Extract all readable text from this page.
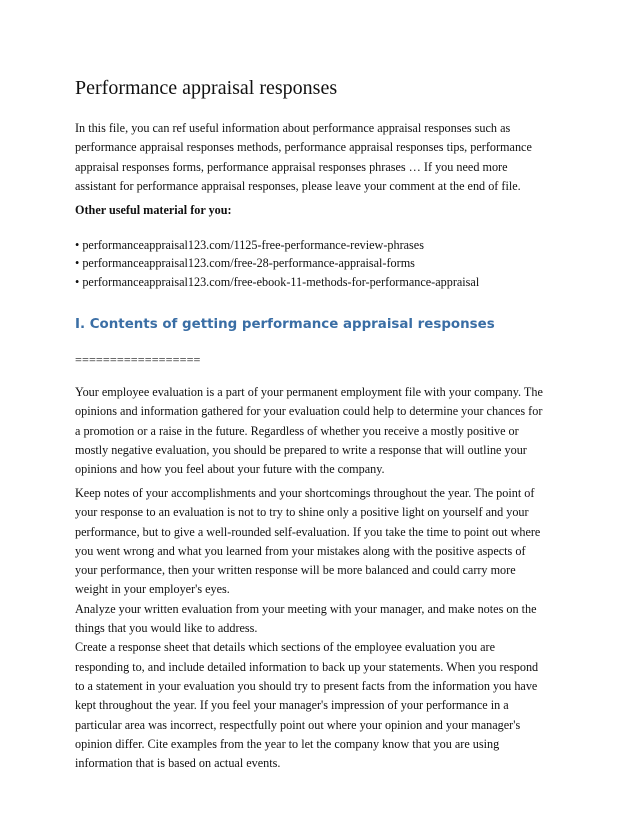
Performance appraisal responses
In this file, you can ref useful information about performance appraisal responses such as
performance appraisal responses methods, performance appraisal responses tips, performance
appraisal responses forms, performance appraisal responses phrases … If you need more
assistant for performance appraisal responses, please leave your comment at the end of file.
Other useful material for you:
• performanceappraisal123.com/1125-free-performance-review-phrases
• performanceappraisal123.com/free-28-performance-appraisal-forms
• performanceappraisal123.com/free-ebook-11-methods-for-performance-appraisal
I. Contents of getting performance appraisal responses
==================
Your employee evaluation is a part of your permanent employment file with your company. The
opinions and information gathered for your evaluation could help to determine your chances for
a promotion or a raise in the future. Regardless of whether you receive a mostly positive or
mostly negative evaluation, you should be prepared to write a response that will outline your
opinions and how you feel about your future with the company.
Keep notes of your accomplishments and your shortcomings throughout the year. The point of
your response to an evaluation is not to try to shine only a positive light on yourself and your
performance, but to give a well-rounded self-evaluation. If you take the time to point out where
you went wrong and what you learned from your mistakes along with the positive aspects of
your performance, then your written response will be more balanced and could carry more
weight in your employer's eyes.
Analyze your written evaluation from your meeting with your manager, and make notes on the
things that you would like to address.
Create a response sheet that details which sections of the employee evaluation you are
responding to, and include detailed information to back up your statements. When you respond
to a statement in your evaluation you should try to present facts from the information you have
kept throughout the year. If you feel your manager's impression of your performance in a
particular area was incorrect, respectfully point out where your opinion and your manager's
opinion differ. Cite examples from the year to let the company know that you are using
information that is based on actual events.
